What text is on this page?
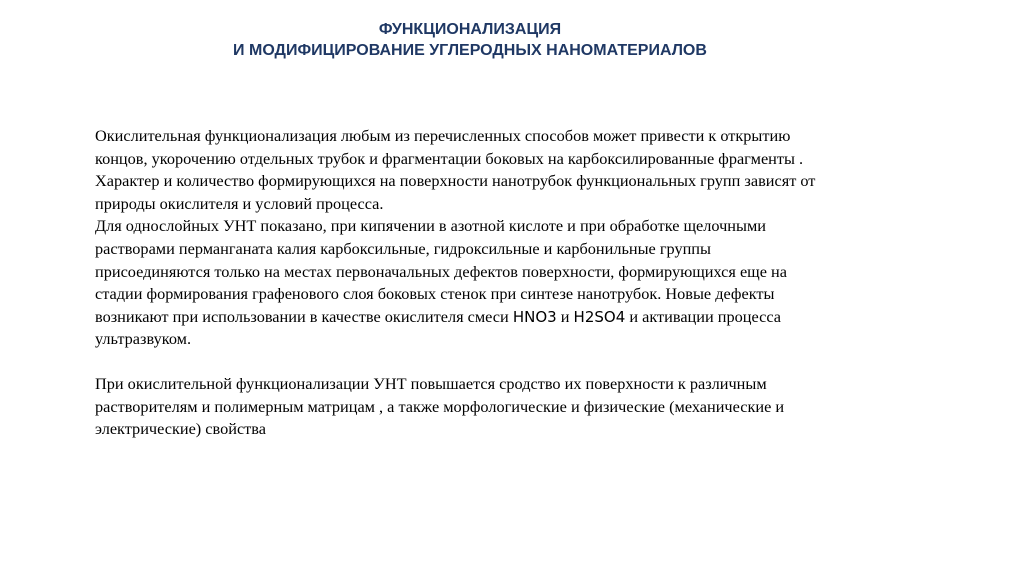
ФУНКЦИОНАЛИЗАЦИЯ
И МОДИФИЦИРОВАНИЕ УГЛЕРОДНЫХ НАНОМАТЕРИАЛОВ
Окислительная функционализация любым из перечисленных способов может привести к открытию
концов, укорочению отдельных трубок и фрагментации боковых на карбоксилированные фрагменты .
Характер и количество формирующихся на поверхности нанотрубок функциональных групп зависят от
природы окислителя и условий процесса.
Для однослойных УНТ показано, при кипячении в азотной кислоте и при обработке щелочными
растворами перманганата калия карбоксильные, гидроксильные и карбонильные группы
присоединяются только на местах первоначальных дефектов поверхности, формирующихся еще на
стадии формирования графенового слоя боковых стенок при синтезе нанотрубок. Новые дефекты
возникают при использовании в качестве окислителя смеси HNO3 и H2SO4 и активации процесса
ультразвуком.
При окислительной функционализации УНТ повышается сродство их поверхности к различным
растворителям и полимерным матрицам , а также морфологические и физические (механические и
электрические) свойства
